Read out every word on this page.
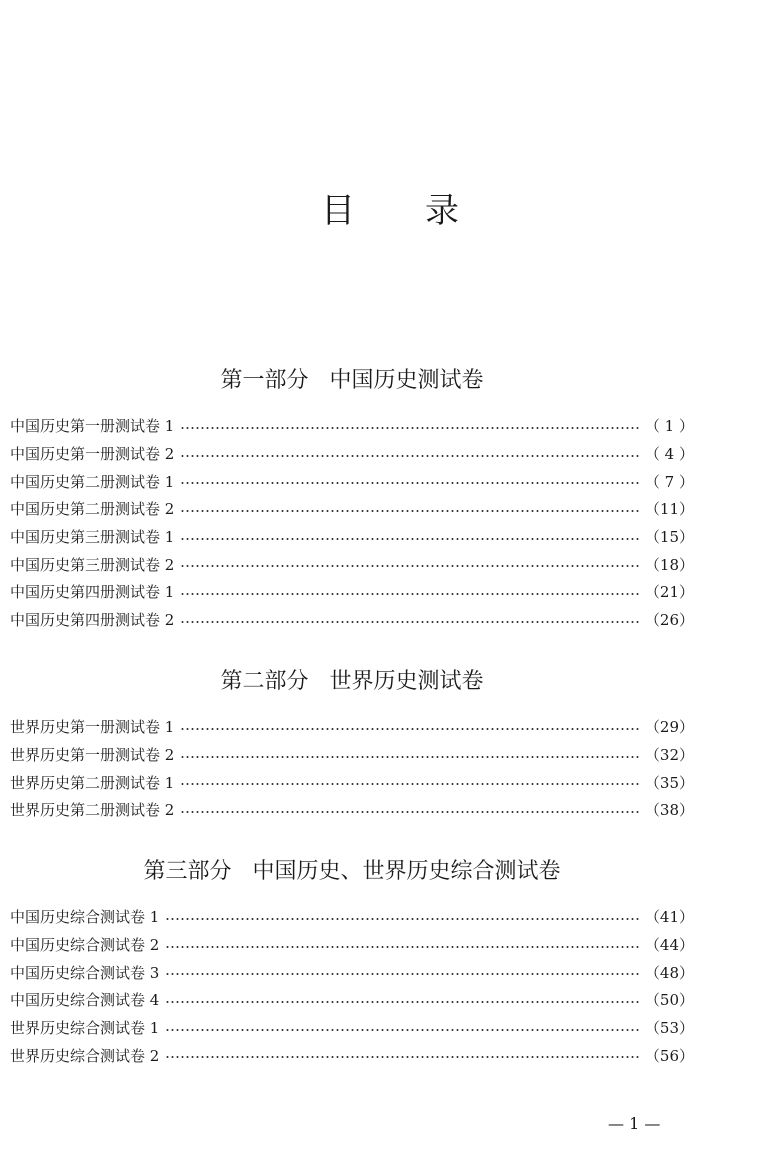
目录
第一部分   中国历史测试卷
中国历史第一册测试卷 1	（ 1 ）
中国历史第一册测试卷 2	（ 4 ）
中国历史第二册测试卷 1	（ 7 ）
中国历史第二册测试卷 2	（11）
中国历史第三册测试卷 1	（15）
中国历史第三册测试卷 2	（18）
中国历史第四册测试卷 1	（21）
中国历史第四册测试卷 2	（26）
第二部分   世界历史测试卷
世界历史第一册测试卷 1	（29）
世界历史第一册测试卷 2	（32）
世界历史第二册测试卷 1	（35）
世界历史第二册测试卷 2	（38）
第三部分   中国历史、世界历史综合测试卷
中国历史综合测试卷 1	（41）
中国历史综合测试卷 2	（44）
中国历史综合测试卷 3	（48）
中国历史综合测试卷 4	（50）
世界历史综合测试卷 1	（53）
世界历史综合测试卷 2	（56）
— 1 —
